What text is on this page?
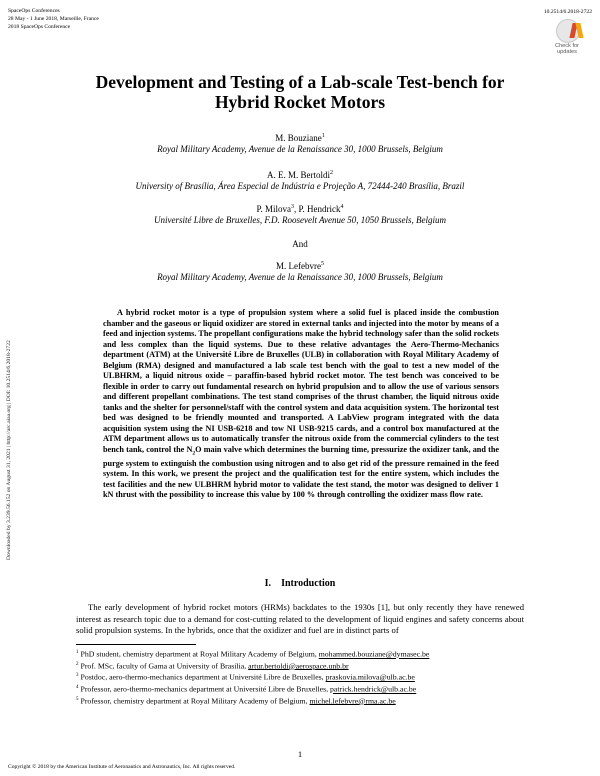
SpaceOps Conferences
28 May - 1 June 2018, Marseille, France
2018 SpaceOps Conference
10.2514/6.2018-2722
Check for
updates
Development and Testing of a Lab-scale Test-bench for
Hybrid Rocket Motors
M. Bouziane$^1$
Royal Military Academy, Avenue de la Renaissance 30, 1000 Brussels, Belgium
A. E. M. Bertoldi$^2$
University of Brasília, Área Especial de Indústria e Projeção A, 72444-240 Brasília, Brazil
P. Milova$^3$, P. Hendrick$^4$
Université Libre de Bruxelles, F.D. Roosevelt Avenue 50, 1050 Brussels, Belgium
And
M. Lefebvre$^5$
Royal Military Academy, Avenue de la Renaissance 30, 1000 Brussels, Belgium
Downloaded by 3.239.56.152 on August 31, 2021 | http://arc.aiaa.org | DOI: 10.2514/6.2018-2722
A hybrid rocket motor is a type of propulsion system where a solid fuel is placed inside the combustion chamber and the gaseous or liquid oxidizer are stored in external tanks and injected into the motor by means of a feed and injection systems. The propellant configurations make the hybrid technology safer than the solid rockets and less complex than the liquid systems. Due to these relative advantages the Aero-Thermo-Mechanics department (ATM) at the Université Libre de Bruxelles (ULB) in collaboration with Royal Military Academy of Belgium (RMA) designed and manufactured a lab scale test bench with the goal to test a new model of the ULBHRM, a liquid nitrous oxide – paraffin-based hybrid rocket motor. The test bench was conceived to be flexible in order to carry out fundamental research on hybrid propulsion and to allow the use of various sensors and different propellant combinations. The test stand comprises of the thrust chamber, the liquid nitrous oxide tanks and the shelter for personnel/staff with the control system and data acquisition system. The horizontal test bed was designed to be friendly mounted and transported. A LabView program integrated with the data acquisition system using the NI USB-6218 and tow NI USB-9215 cards, and a control box manufactured at the ATM department allows us to automatically transfer the nitrous oxide from the commercial cylinders to the test bench tank, control the $N_2O$ main valve which determines the burning time, pressurize the oxidizer tank, and the purge system to extinguish the combustion using nitrogen and to also get rid of the pressure remained in the feed system. In this work, we present the project and the qualification test for the entire system, which includes the test facilities and the new ULBHRM hybrid motor to validate the test stand, the motor was designed to deliver 1 kN thrust with the possibility to increase this value by 100 % through controlling the oxidizer mass flow rate.
I. Introduction
The early development of hybrid rocket motors (HRMs) backdates to the 1930s [1], but only recently they have renewed interest as research topic due to a demand for cost-cutting related to the development of liquid engines and safety concerns about solid propulsion systems. In the hybrids, once that the oxidizer and fuel are in distinct parts of
$^1$ PhD student, chemistry department at Royal Military Academy of Belgium, mohammed.bouziane@dymasec.be
$^2$ Prof. MSc, faculty of Gama at University of Brasília, artur.bertoldi@aerospace.unb.br
$^3$ Postdoc, aero-thermo-mechanics department at Université Libre de Bruxelles, praskovia.milova@ulb.ac.be
$^4$ Professor, aero-thermo-mechanics department at Université Libre de Bruxelles, patrick.hendrick@ulb.ac.be
$^5$ Professor, chemistry department at Royal Military Academy of Belgium, michel.lefebvre@rma.ac.be
1
Copyright © 2018 by the American Institute of Aeronautics and Astronautics, Inc. All rights reserved.
